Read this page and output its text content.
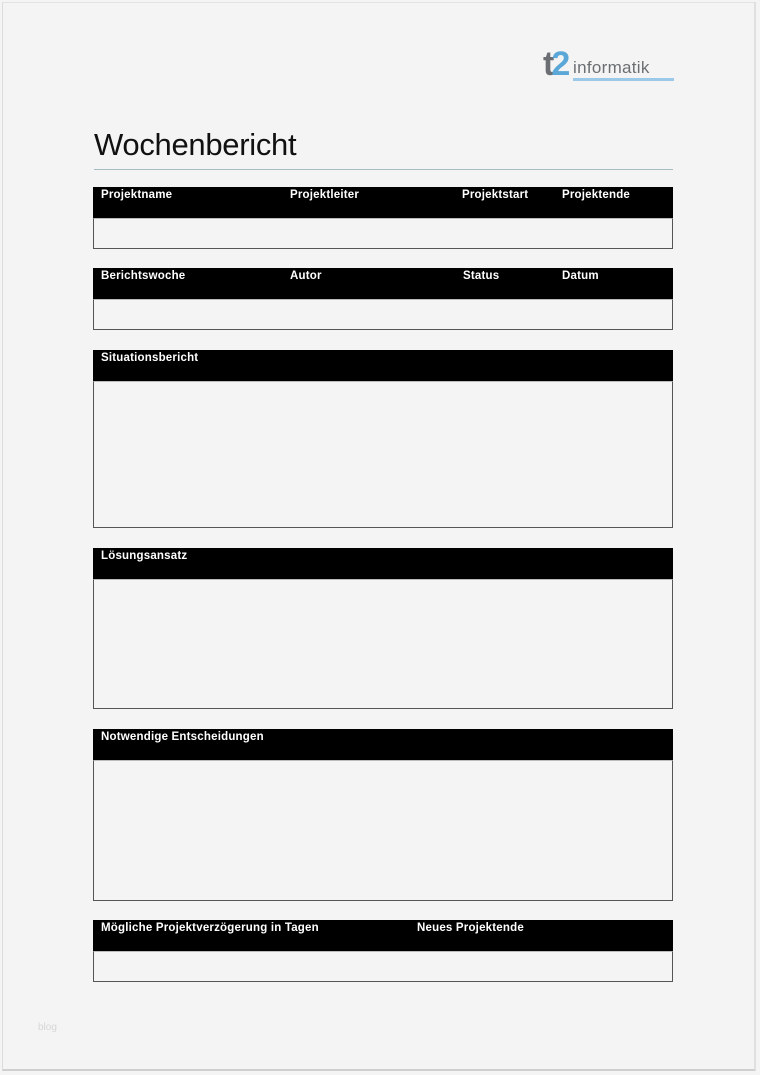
t2 informatik
Wochenbericht
Projektname	Projektleiter	Projektstart	Projektende
Berichtswoche	Autor	Status	Datum
Situationsbericht
Lösungsansatz
Notwendige Entscheidungen
Mögliche Projektverzögerung in Tagen	Neues Projektende
blog
